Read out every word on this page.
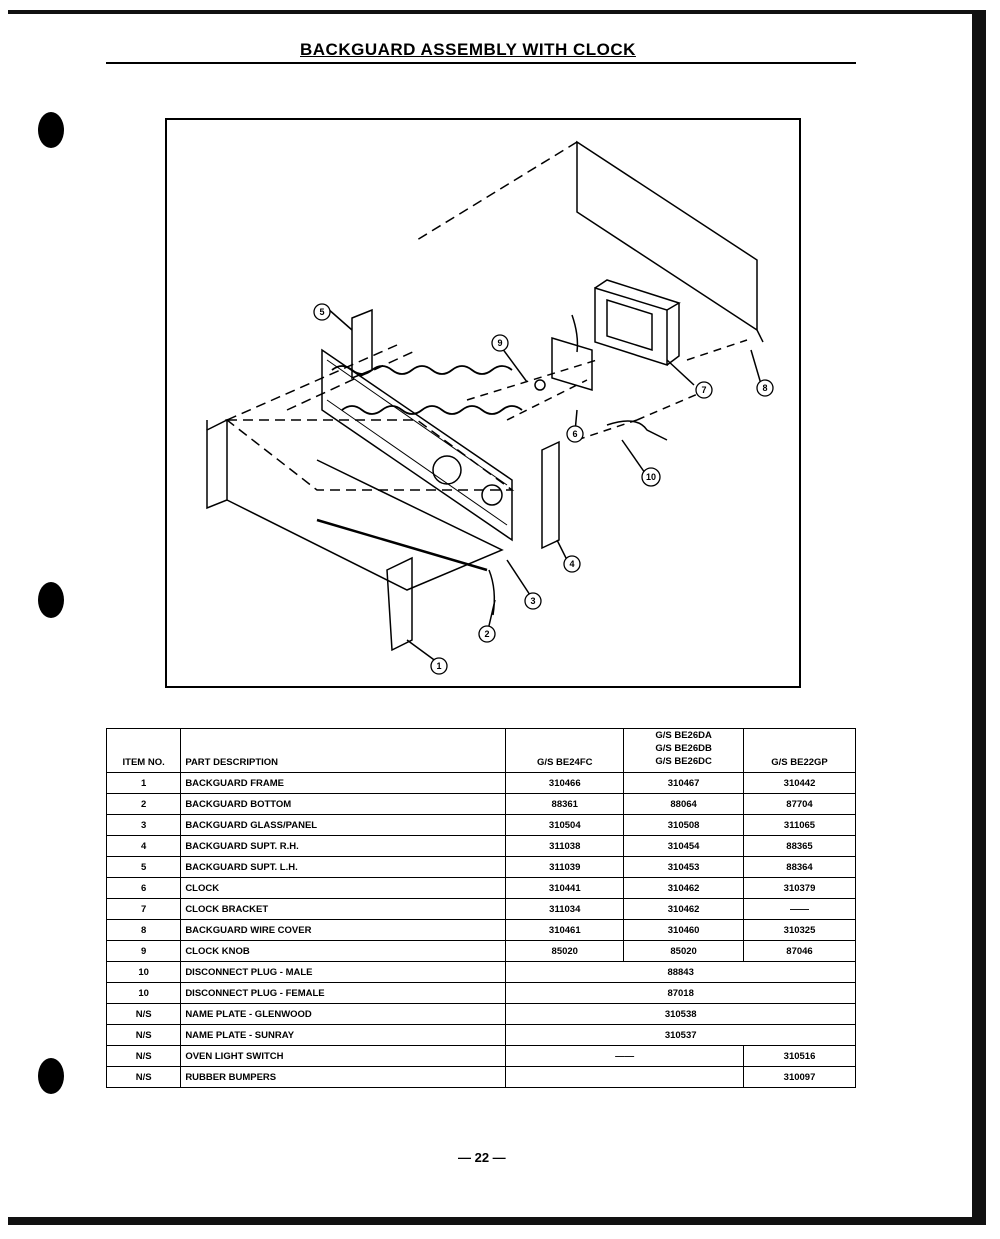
BACKGUARD ASSEMBLY WITH CLOCK
5
9
7	8
6
10
4
3
2
1
ITEM NO.	PART DESCRIPTION	G/S BE24FC	G/S BE26DA
G/S BE26DB
G/S BE26DC	G/S BE22GP
1	BACKGUARD FRAME	310466	310467	310442
2	BACKGUARD BOTTOM	88361	88064	87704
3	BACKGUARD GLASS/PANEL	310504	310508	311065
4	BACKGUARD SUPT. R.H.	311038	310454	88365
5	BACKGUARD SUPT. L.H.	311039	310453	88364
6	CLOCK	310441	310462	310379
7	CLOCK BRACKET	311034	310462	——
8	BACKGUARD WIRE COVER	310461	310460	310325
9	CLOCK KNOB	85020	85020	87046
10	DISCONNECT PLUG - MALE	88843		
10	DISCONNECT PLUG - FEMALE	87018		
N/S	NAME PLATE - GLENWOOD	310538		
N/S	NAME PLATE - SUNRAY	310537		
N/S	OVEN LIGHT SWITCH	——		310516
N/S	RUBBER BUMPERS			310097
— 22 —
